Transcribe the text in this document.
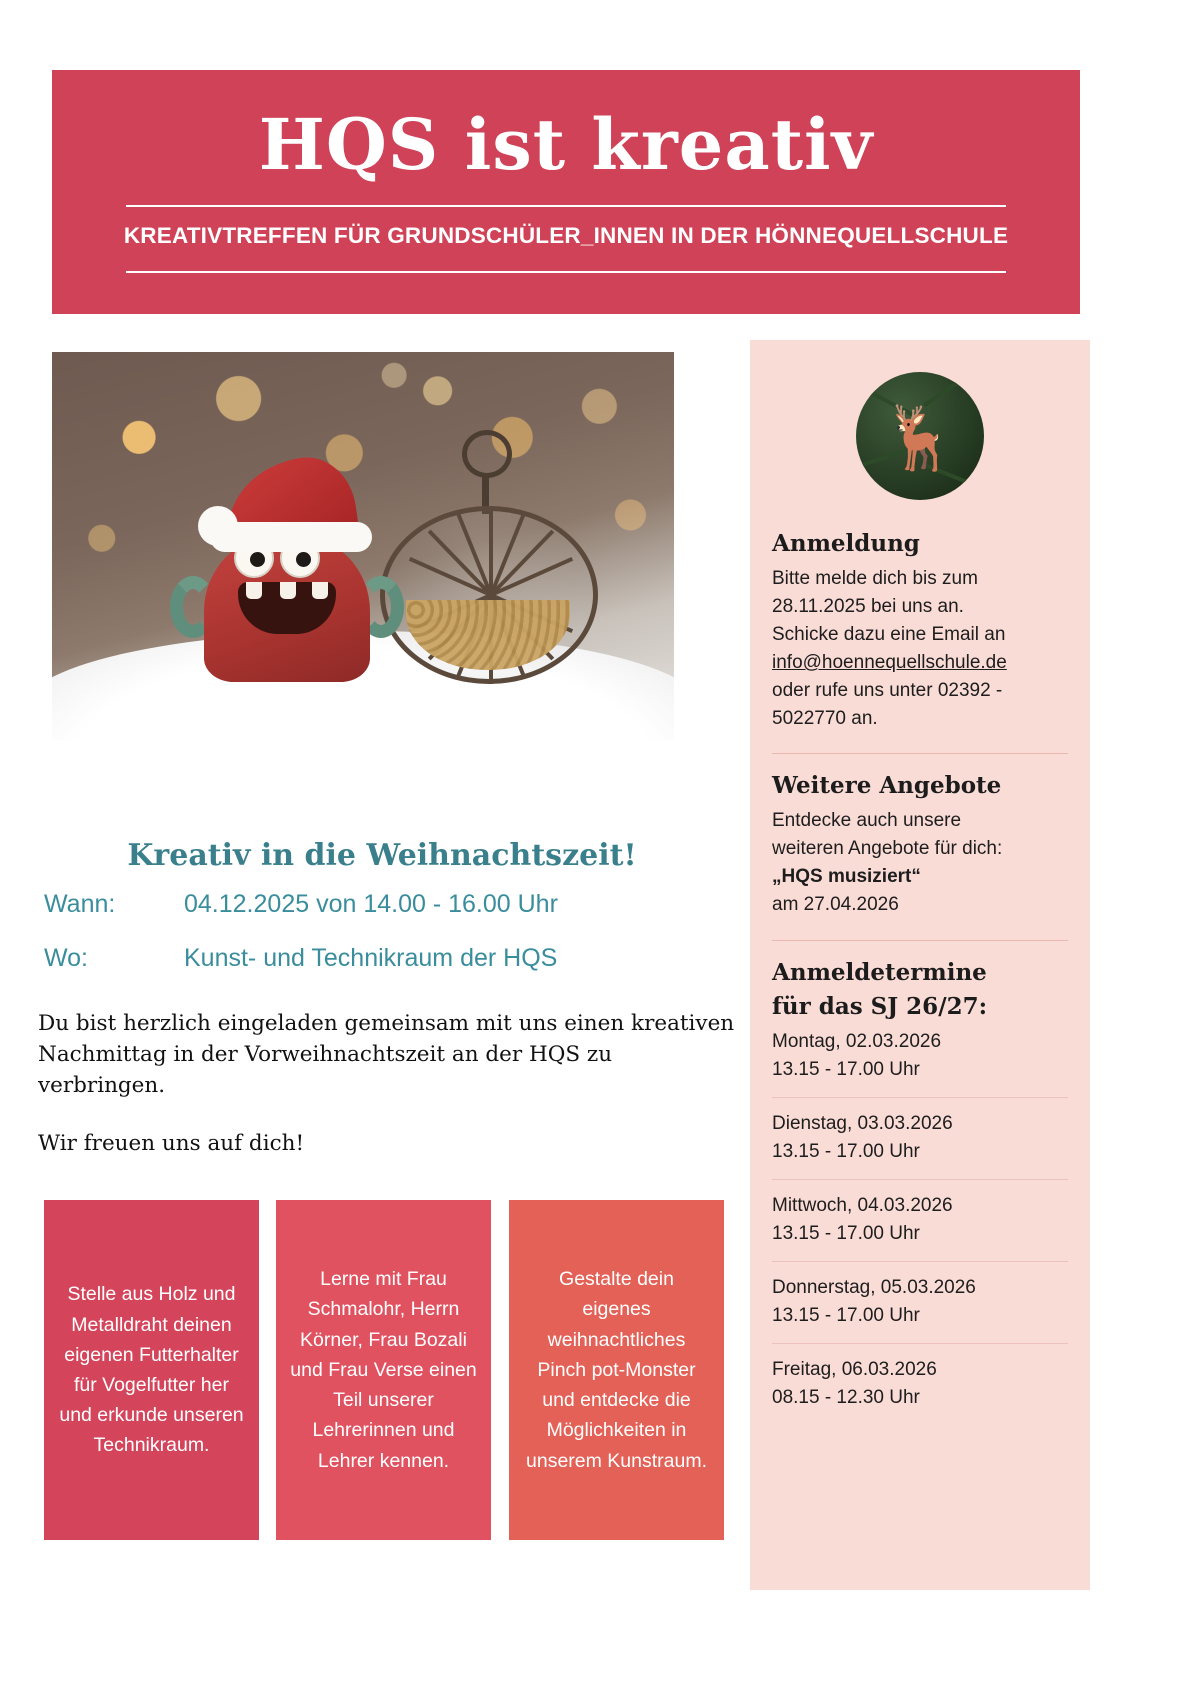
HQS ist kreativ
KREATIVTREFFEN FÜR GRUNDSCHÜLER_INNEN IN DER HÖNNEQUELLSCHULE
Kreativ in die Weihnachtszeit!
Wann:	04.12.2025 von 14.00 - 16.00 Uhr
Wo:	Kunst- und Technikraum der HQS

Du bist herzlich eingeladen gemeinsam mit uns einen kreativen Nachmittag in der Vorweihnachtszeit an der HQS zu verbringen.

Wir freuen uns auf dich!

Stelle aus Holz und Metalldraht deinen eigenen Futterhalter für Vogelfutter her und erkunde unseren Technikraum.
Lerne mit Frau Schmalohr, Herrn Körner, Frau Bozali und Frau Verse einen Teil unserer Lehrerinnen und Lehrer kennen.
Gestalte dein eigenes weihnachtliches Pinch pot-Monster und entdecke die Möglichkeiten in unserem Kunstraum.
🦌
Anmeldung

Bitte melde dich bis zum

28.11.2025 bei uns an.

Schicke dazu eine Email an

info@hoennequellschule.de

oder rufe uns unter 02392 -

5022770 an.

Weitere Angebote

Entdecke auch unsere

weiteren Angebote für dich:

„HQS musiziert“

am 27.04.2026

Anmeldetermine
für das SJ 26/27:
Montag, 02.03.2026
13.15 - 17.00 Uhr
Dienstag, 03.03.2026
13.15 - 17.00 Uhr
Mittwoch, 04.03.2026
13.15 - 17.00 Uhr
Donnerstag, 05.03.2026
13.15 - 17.00 Uhr
Freitag, 06.03.2026
08.15 - 12.30 Uhr
